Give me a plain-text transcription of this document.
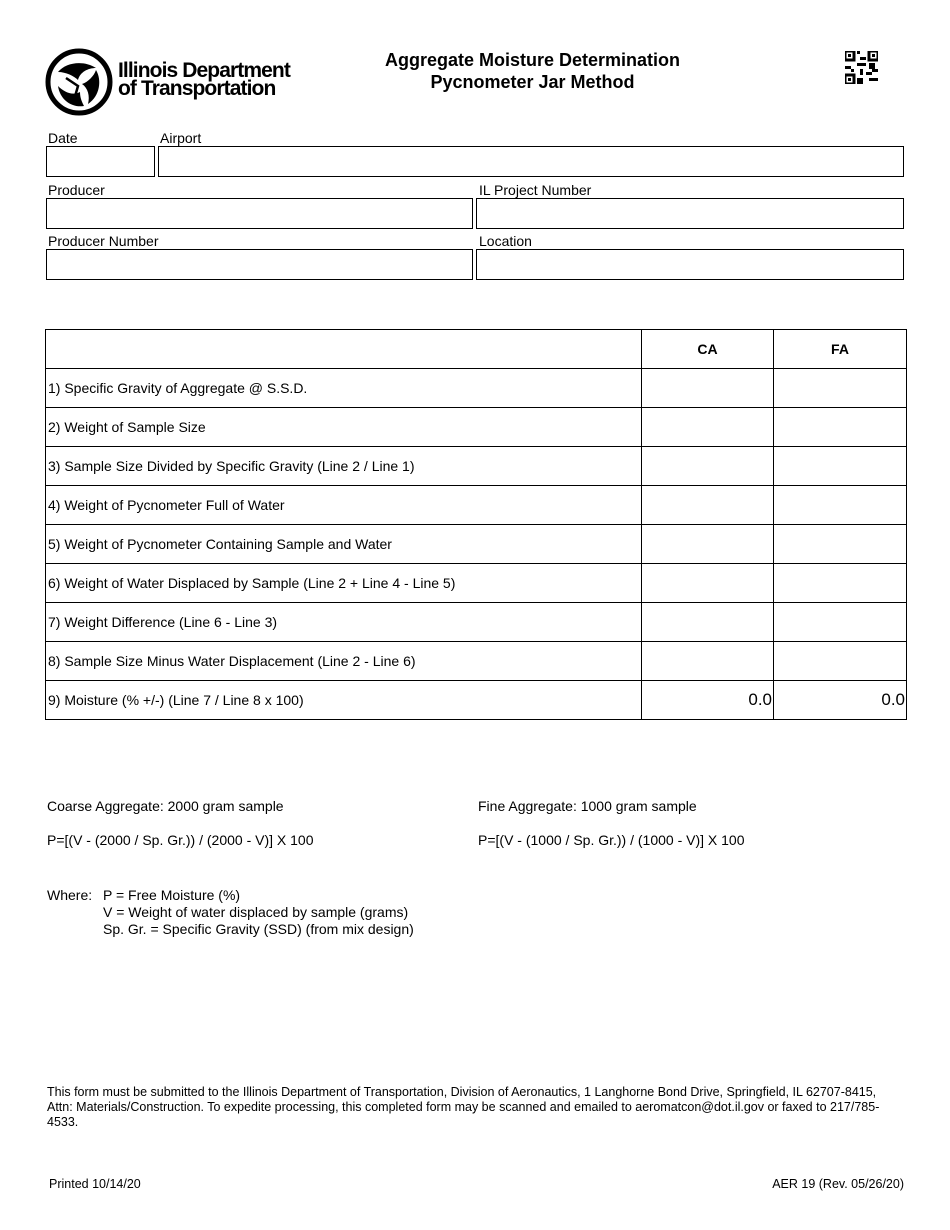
Illinois Department
of Transportation
Aggregate Moisture Determination
Pycnometer Jar Method
Date	Airport
Producer	IL Project Number
Producer Number	Location
	CA	FA
1) Specific Gravity of Aggregate @ S.S.D.		
2) Weight of Sample Size		
3) Sample Size Divided by Specific Gravity (Line 2 / Line 1)		
4) Weight of Pycnometer Full of Water		
5) Weight of Pycnometer Containing Sample and Water		
6) Weight of Water Displaced by Sample (Line 2 + Line 4 - Line 5)		
7) Weight Difference (Line 6 - Line 3)		
8) Sample Size Minus Water Displacement (Line 2 - Line 6)		
9) Moisture (% +/-) (Line 7 / Line 8 x 100)	0.0	0.0
Coarse Aggregate: 2000 gram sample
P=[(V - (2000 / Sp. Gr.)) / (2000 - V)] X 100
Fine Aggregate: 1000 gram sample
P=[(V - (1000 / Sp. Gr.)) / (1000 - V)] X 100
Where: P = Free Moisture (%)
V = Weight of water displaced by sample (grams)
Sp. Gr. = Specific Gravity (SSD) (from mix design)
This form must be submitted to the Illinois Department of Transportation, Division of Aeronautics, 1 Langhorne Bond Drive, Springfield, IL 62707-8415, Attn: Materials/Construction. To expedite processing, this completed form may be scanned and emailed to aeromatcon@dot.il.gov or faxed to 217/785-4533.
Printed 10/14/20	AER 19 (Rev. 05/26/20)
